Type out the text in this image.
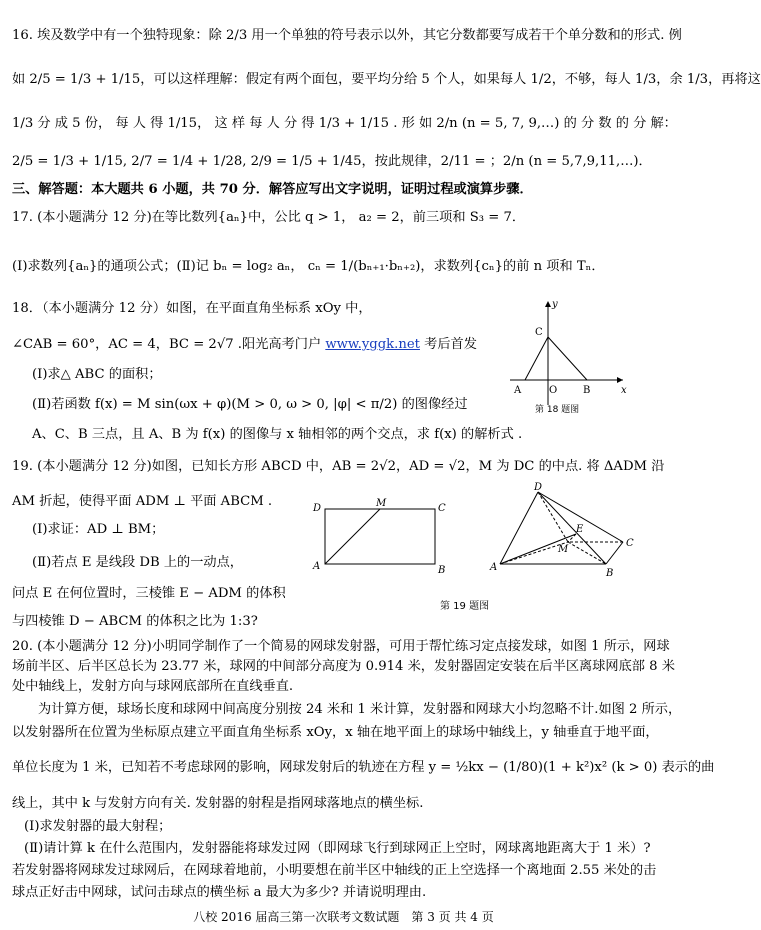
16. 埃及数学中有一个独特现象：除 2/3 用一个单独的符号表示以外，其它分数都要写成若干个单分数和的形式. 例
如 2/5 = 1/3 + 1/15，可以这样理解：假定有两个面包，要平均分给 5 个人，如果每人 1/2，不够，每人 1/3，余 1/3，再将这
1/3 分 成 5 份， 每 人 得 1/15， 这 样 每 人 分 得 1/3 + 1/15 . 形 如 2/n (n = 5, 7, 9,…) 的 分 数 的 分 解：
2/5 = 1/3 + 1/15, 2/7 = 1/4 + 1/28, 2/9 = 1/5 + 1/45，按此规律，2/11 = ；2/n (n = 5,7,9,11,…)．
三、解答题：本大题共 6 小题，共 70 分．解答应写出文字说明，证明过程或演算步骤．
17. (本小题满分 12 分)在等比数列{aₙ}中，公比 q > 1， a₂ = 2，前三项和 S₃ = 7．
(Ⅰ)求数列{aₙ}的通项公式；(Ⅱ)记 bₙ = log₂ aₙ， cₙ = 1/(bₙ₊₁·bₙ₊₂)，求数列{cₙ}的前 n 项和 Tₙ．
18．（本小题满分 12 分）如图，在平面直角坐标系 xOy 中，
∠CAB = 60°，AC = 4，BC = 2√7 .阳光高考门户 www.yggk.net 考后首发
(Ⅰ)求△ ABC 的面积；
(Ⅱ)若函数 f(x) = M sin(ωx + φ)(M > 0, ω > 0, |φ| < π/2) 的图像经过
A、C、B 三点，且 A、B 为 f(x) 的图像与 x 轴相邻的两个交点，求 f(x) 的解析式 .
y
x
C
A	O	B
第 18 题图
19. (本小题满分 12 分)如图，已知长方形 ABCD 中，AB = 2√2，AD = √2，M 为 DC 的中点. 将 ΔADM 沿
AM 折起，使得平面 ADM ⊥ 平面 ABCM .
(Ⅰ)求证：AD ⊥ BM；
(Ⅱ)若点 E 是线段 DB 上的一动点，
问点 E 在何位置时，三棱锥 E − ADM 的体积
与四棱锥 D − ABCM 的体积之比为 1:3?
D	M	C
A	B
D
E
M
C
A
B
第 19 题图
20. (本小题满分 12 分)小明同学制作了一个简易的网球发射器，可用于帮忙练习定点接发球，如图 1 所示，网球
场前半区、后半区总长为 23.77 米，球网的中间部分高度为 0.914 米，发射器固定安装在后半区离球网底部 8 米
处中轴线上，发射方向与球网底部所在直线垂直.
为计算方便，球场长度和球网中间高度分别按 24 米和 1 米计算，发射器和网球大小均忽略不计.如图 2 所示，
以发射器所在位置为坐标原点建立平面直角坐标系 xOy，x 轴在地平面上的球场中轴线上，y 轴垂直于地平面，
单位长度为 1 米，已知若不考虑球网的影响，网球发射后的轨迹在方程 y = ½kx − (1/80)(1 + k²)x² (k > 0) 表示的曲
线上，其中 k 与发射方向有关. 发射器的射程是指网球落地点的横坐标.
(Ⅰ)求发射器的最大射程；
(Ⅱ)请计算 k 在什么范围内，发射器能将球发过网（即网球飞行到球网正上空时，网球离地距离大于 1 米）?
若发射器将网球发过球网后，在网球着地前，小明要想在前半区中轴线的正上空选择一个离地面 2.55 米处的击
球点正好击中网球，试问击球点的横坐标 a 最大为多少? 并请说明理由.
八校 2016 届高三第一次联考文数试题　第 3 页 共 4 页
